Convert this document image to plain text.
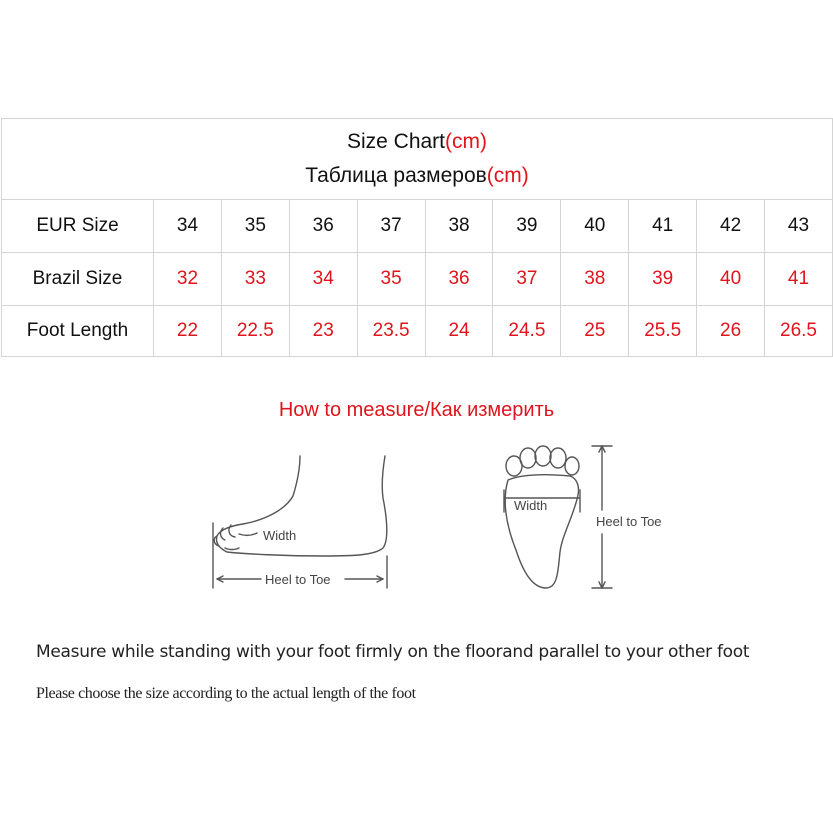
Size Chart(cm)
Таблица размеров(cm)										

EUR Size	34	35	36	37	38	39	40	41	42	43
Brazil Size	32	33	34	35	36	37	38	39	40	41
Foot Length	22	22.5	23	23.5	24	24.5	25	25.5	26	26.5
How to measure/Как измерить
Width
Heel to Toe
Width
Heel to Toe

Measure while standing with your foot firmly on the floorand parallel to your other foot

Please choose the size according to the actual length of the foot
